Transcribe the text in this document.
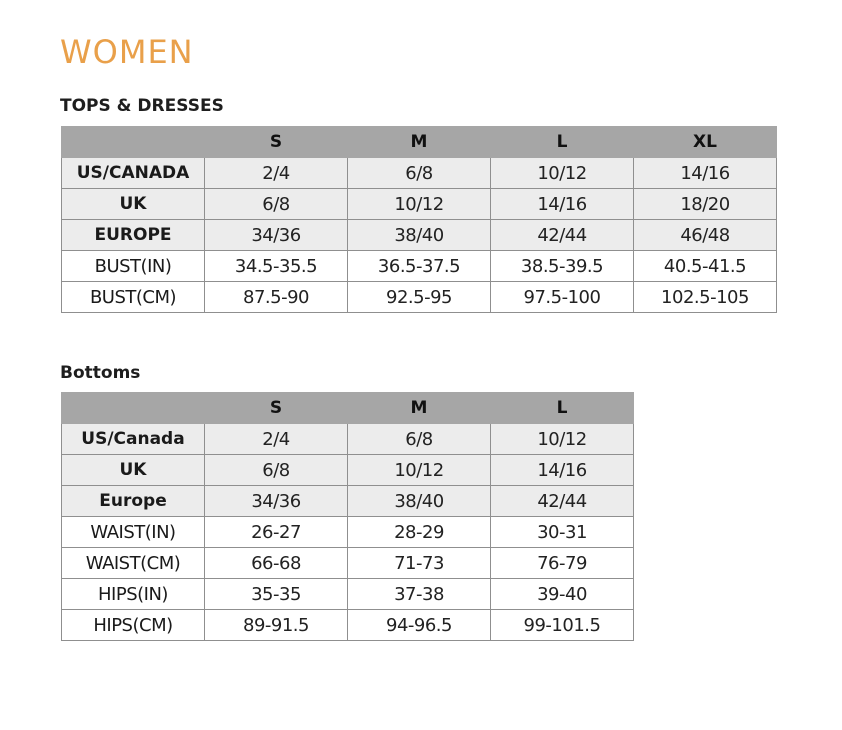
WOMEN
TOPS & DRESSES
	S	M	L	XL
US/CANADA	2/4	6/8	10/12	14/16
UK	6/8	10/12	14/16	18/20
EUROPE	34/36	38/40	42/44	46/48
BUST(IN)	34.5-35.5	36.5-37.5	38.5-39.5	40.5-41.5
BUST(CM)	87.5-90	92.5-95	97.5-100	102.5-105
Bottoms
	S	M	L
US/Canada	2/4	6/8	10/12
UK	6/8	10/12	14/16
Europe	34/36	38/40	42/44
WAIST(IN)	26-27	28-29	30-31
WAIST(CM)	66-68	71-73	76-79
HIPS(IN)	35-35	37-38	39-40
HIPS(CM)	89-91.5	94-96.5	99-101.5
